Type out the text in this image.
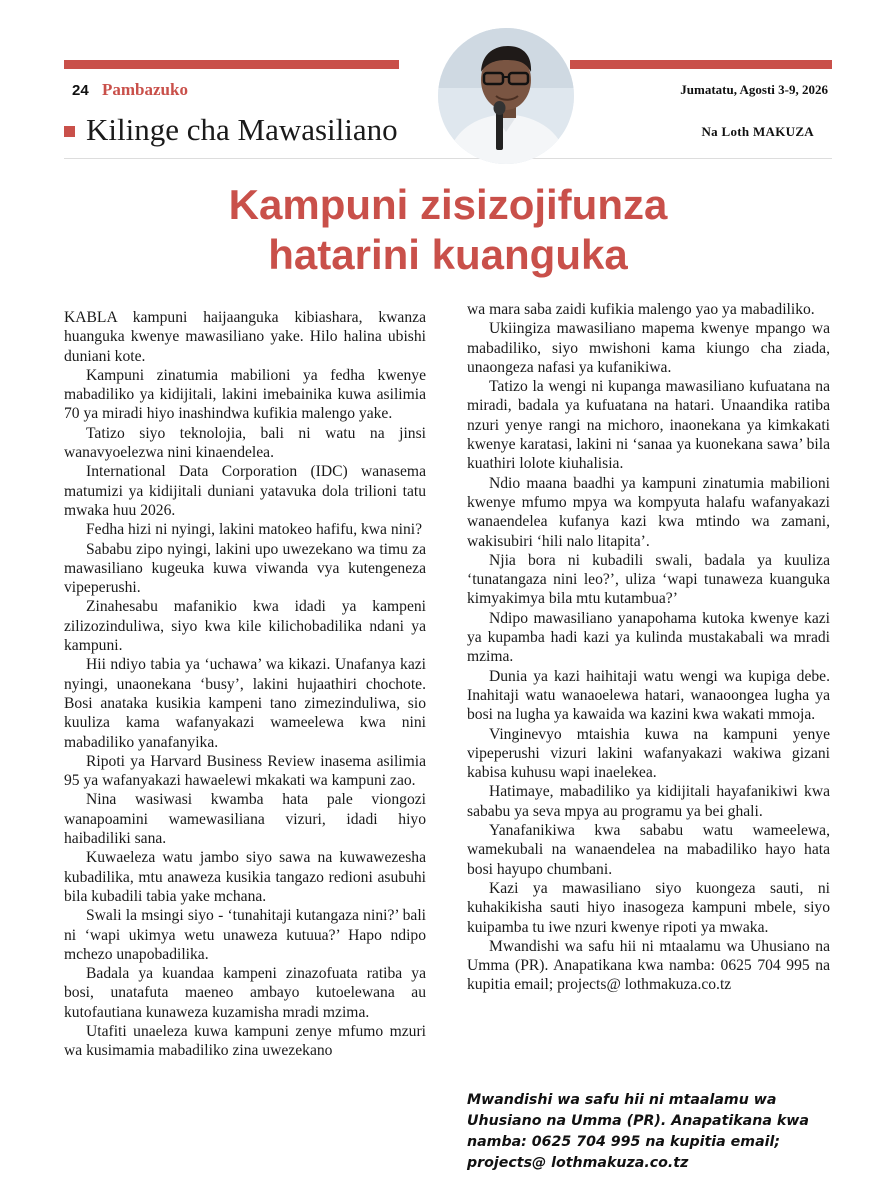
24 Pambazuko	Jumatatu, Agosti 3-9, 2026
Kilinge cha Mawasiliano	Na Loth MAKUZA
Kampuni zisizojifunza
hatarini kuanguka

KABLA kampuni haijaanguka kibiashara, kwanza huanguka kwenye mawasiliano yake. Hilo halina ubishi duniani kote.

Kampuni zinatumia mabilioni ya fedha kwenye mabadiliko ya kidijitali, lakini imebainika kuwa asilimia 70 ya miradi hiyo inashindwa kufikia malengo yake.

Tatizo siyo teknolojia, bali ni watu na jinsi wanavyoelezwa nini kinaendelea.

International Data Corporation (IDC) wanasema matumizi ya kidijitali duniani yatavuka dola trilioni tatu mwaka huu 2026.

Fedha hizi ni nyingi, lakini matokeo hafifu, kwa nini?

Sababu zipo nyingi, lakini upo uwezekano wa timu za mawasiliano kugeuka kuwa viwanda vya kutengeneza vipeperushi.

Zinahesabu mafanikio kwa idadi ya kampeni zilizozinduliwa, siyo kwa kile kilichobadilika ndani ya kampuni.

Hii ndiyo tabia ya ‘uchawa’ wa kikazi. Unafanya kazi nyingi, unaonekana ‘busy’, lakini hujaathiri chochote. Bosi anataka kusikia kampeni tano zimezinduliwa, sio kuuliza kama wafanyakazi wameelewa kwa nini mabadiliko yanafanyika.

Ripoti ya Harvard Business Review inasema asilimia 95 ya wafanyakazi hawaelewi mkakati wa kampuni zao.

Nina wasiwasi kwamba hata pale viongozi wanapoamini wamewasiliana vizuri, idadi hiyo haibadiliki sana.

Kuwaeleza watu jambo siyo sawa na kuwawezesha kubadilika, mtu anaweza kusikia tangazo redioni asubuhi bila kubadili tabia yake mchana.

Swali la msingi siyo - ‘tunahitaji kutangaza nini?’ bali ni ‘wapi ukimya wetu unaweza kutuua?’ Hapo ndipo mchezo unapobadilika.

Badala ya kuandaa kampeni zinazofuata ratiba ya bosi, unatafuta maeneo ambayo kutoelewana au kutofautiana kunaweza kuzamisha mradi mzima.

Utafiti unaeleza kuwa kampuni zenye mfumo mzuri wa kusimamia mabadiliko zina uwezekano

wa mara saba zaidi kufikia malengo yao ya mabadiliko.

Ukiingiza mawasiliano mapema kwenye mpango wa mabadiliko, siyo mwishoni kama kiungo cha ziada, unaongeza nafasi ya kufanikiwa.

Tatizo la wengi ni kupanga mawasiliano kufuatana na miradi, badala ya kufuatana na hatari. Unaandika ratiba nzuri yenye rangi na michoro, inaonekana ya kimkakati kwenye karatasi, lakini ni ‘sanaa ya kuonekana sawa’ bila kuathiri lolote kiuhalisia.

Ndio maana baadhi ya kampuni zinatumia mabilioni kwenye mfumo mpya wa kompyuta halafu wafanyakazi wanaendelea kufanya kazi kwa mtindo wa zamani, wakisubiri ‘hili nalo litapita’.

Njia bora ni kubadili swali, badala ya kuuliza ‘tunatangaza nini leo?’, uliza ‘wapi tunaweza kuanguka kimyakimya bila mtu kutambua?’

Ndipo mawasiliano yanapohama kutoka kwenye kazi ya kupamba hadi kazi ya kulinda mustakabali wa mradi mzima.

Dunia ya kazi haihitaji watu wengi wa kupiga debe. Inahitaji watu wanaoelewa hatari, wanaoongea lugha ya bosi na lugha ya kawaida wa kazini kwa wakati mmoja.

Vinginevyo mtaishia kuwa na kampuni yenye vipeperushi vizuri lakini wafanyakazi wakiwa gizani kabisa kuhusu wapi inaelekea.

Hatimaye, mabadiliko ya kidijitali hayafanikiwi kwa sababu ya seva mpya au programu ya bei ghali.

Yanafanikiwa kwa sababu watu wameelewa, wamekubali na wanaendelea na mabadiliko hayo hata bosi hayupo chumbani.

Kazi ya mawasiliano siyo kuongeza sauti, ni kuhakikisha sauti hiyo inasogeza kampuni mbele, siyo kuipamba tu iwe nzuri kwenye ripoti ya mwaka.

Mwandishi wa safu hii ni mtaalamu wa Uhusiano na Umma (PR). Anapatikana kwa namba: 0625 704 995 na kupitia email; projects@ lothmakuza.co.tz

Mwandishi wa safu hii ni mtaalamu wa Uhusiano na Umma (PR). Anapatikana kwa namba: 0625 704 995 na kupitia email; projects@ lothmakuza.co.tz
